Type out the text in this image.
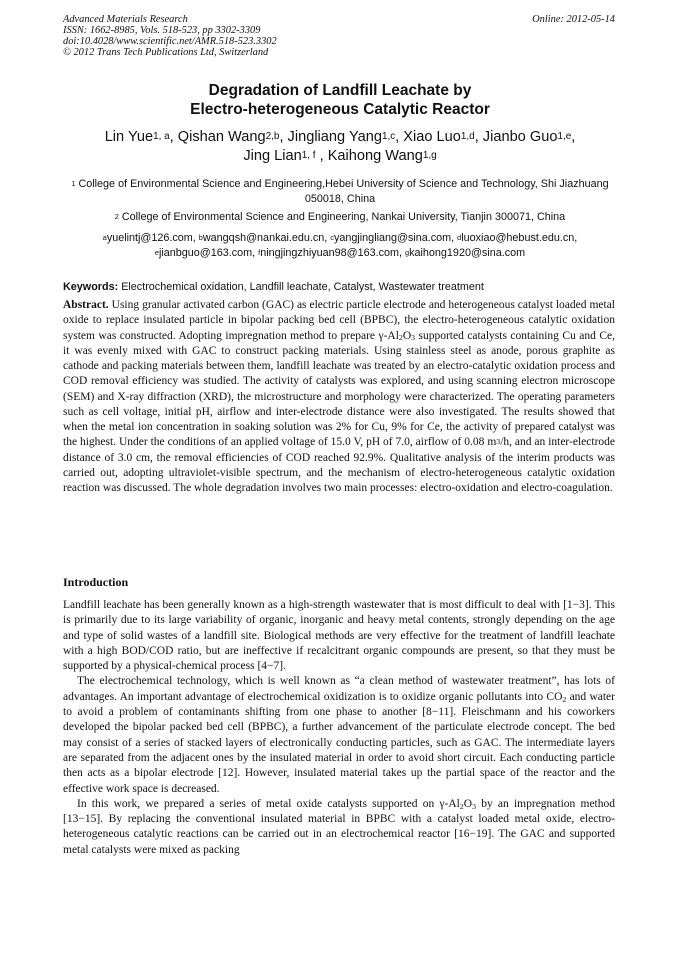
Advanced Materials Research
ISSN: 1662-8985, Vols. 518-523, pp 3302-3309
doi:10.4028/www.scientific.net/AMR.518-523.3302
© 2012 Trans Tech Publications Ltd, Switzerland
Online: 2012-05-14
Degradation of Landfill Leachate by
Electro-heterogeneous Catalytic Reactor
Lin Yue$^{1, a}$, Qishan Wang$^{2,b}$, Jingliang Yang$^{1,c}$, Xiao Luo$^{1,d}$, Jianbo Guo$^{1,e}$,
Jing Lian$^{1, f}$ , Kaihong Wang$^{1,g}$
$^1$ College of Environmental Science and Engineering,Hebei University of Science and Technology, Shi Jiazhuang 050018, China
$^2$ College of Environmental Science and Engineering, Nankai University, Tianjin 300071, China
$^a$yuelintj@126.com, $^b$wangqsh@nankai.edu.cn, $^c$yangjingliang@sina.com, $^d$luoxiao@hebust.edu.cn,
$^e$jianbguo@163.com, $^f$ningjingzhiyuan98@163.com, $^g$kaihong1920@sina.com
Keywords: Electrochemical oxidation, Landfill leachate, Catalyst, Wastewater treatment
Abstract. Using granular activated carbon (GAC) as electric particle electrode and heterogeneous catalyst loaded metal oxide to replace insulated particle in bipolar packing bed cell (BPBC), the electro-heterogeneous catalytic oxidation system was constructed. Adopting impregnation method to prepare $\gamma-Al_2O_3$ supported catalysts containing Cu and Ce, it was evenly mixed with GAC to construct packing materials. Using stainless steel as anode, porous graphite as cathode and packing materials between them, landfill leachate was treated by an electro-catalytic oxidation process and COD removal efficiency was studied. The activity of catalysts was explored, and using scanning electron microscope (SEM) and X-ray diffraction (XRD), the microstructure and morphology were characterized. The operating parameters such as cell voltage, initial pH, airflow and inter-electrode distance were also investigated. The results showed that when the metal ion concentration in soaking solution was 2% for Cu, 9% for Ce, the activity of prepared catalyst was the highest. Under the conditions of an applied voltage of 15.0 V, pH of 7.0, airflow of 0.08 $m^3/h$, and an inter-electrode distance of 3.0 cm, the removal efficiencies of COD reached 92.9%. Qualitative analysis of the interim products was carried out, adopting ultraviolet-visible spectrum, and the mechanism of electro-heterogeneous catalytic oxidation reaction was discussed. The whole degradation involves two main processes: electro-oxidation and electro-coagulation.
Introduction

Landfill leachate has been generally known as a high-strength wastewater that is most difficult to deal with [1−3]. This is primarily due to its large variability of organic, inorganic and heavy metal contents, strongly depending on the age and type of solid wastes of a landfill site. Biological methods are very effective for the treatment of landfill leachate with a high BOD/COD ratio, but are ineffective if recalcitrant organic compounds are present, so that they must be supported by a physical-chemical process [4−7].

The electrochemical technology, which is well known as “a clean method of wastewater treatment”, has lots of advantages. An important advantage of electrochemical oxidization is to oxidize organic pollutants into $CO_2$ and water to avoid a problem of contaminants shifting from one phase to another [8−11]. Fleischmann and his coworkers developed the bipolar packed bed cell (BPBC), a further advancement of the particulate electrode concept. The bed may consist of a series of stacked layers of electronically conducting particles, such as GAC. The intermediate layers are separated from the adjacent ones by the insulated material in order to avoid short circuit. Each conducting particle then acts as a bipolar electrode [12]. However, insulated material takes up the partial space of the reactor and the effective work space is decreased.

In this work, we prepared a series of metal oxide catalysts supported on $\gamma-Al_2O_3$ by an impregnation method [13−15]. By replacing the conventional insulated material in BPBC with a catalyst loaded metal oxide, electro-heterogeneous catalytic reactions can be carried out in an electrochemical reactor [16−19]. The GAC and supported metal catalysts were mixed as packing
